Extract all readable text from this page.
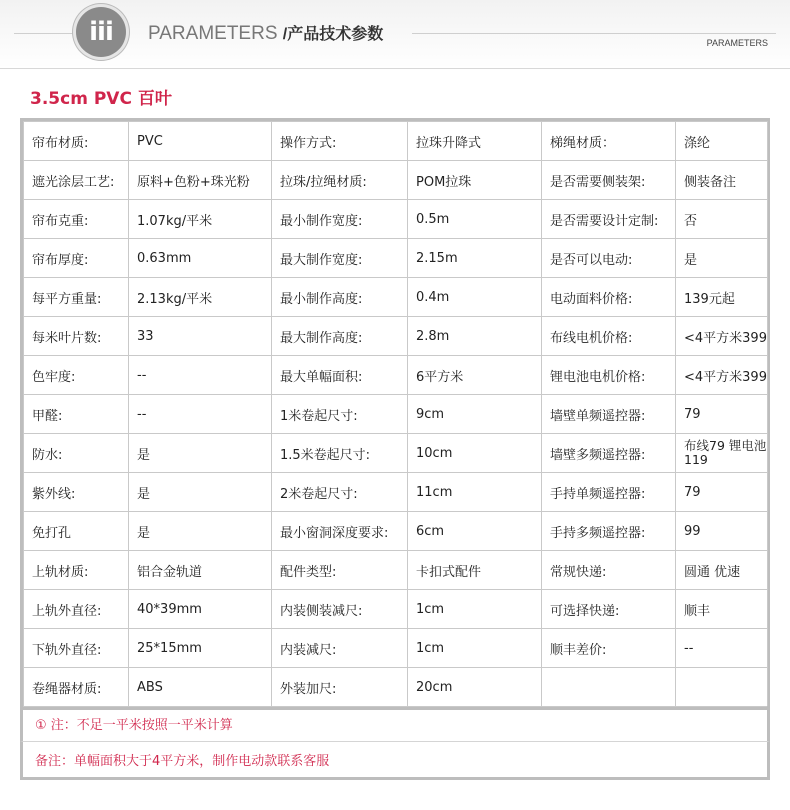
iii	PARAMETERS /产品技术参数	PARAMETERS
3.5cm PVC 百叶
帘布材质:	PVC	操作方式:	拉珠升降式	梯绳材质：	涤纶
遮光涂层工艺:	原料+色粉+珠光粉	拉珠/拉绳材质:	POM拉珠	是否需要侧装架:	侧装备注
帘布克重:	1.07kg/平米	最小制作宽度:	0.5m	是否需要设计定制:	否
帘布厚度:	0.63mm	最大制作宽度:	2.15m	是否可以电动:	是
每平方重量:	2.13kg/平米	最小制作高度:	0.4m	电动面料价格:	139元起
每米叶片数:	33	最大制作高度:	2.8m	布线电机价格:	<4平方米399
色牢度:	--	最大单幅面积:	6平方米	锂电池电机价格:	<4平方米399
甲醛:	--	1米卷起尺寸:	9cm	墙壁单频遥控器:	79
防水:	是	1.5米卷起尺寸:	10cm	墙壁多频遥控器:	布线79 锂电池119
紫外线:	是	2米卷起尺寸:	11cm	手持单频遥控器:	79
免打孔	是	最小窗洞深度要求:	6cm	手持多频遥控器:	99
上轨材质:	铝合金轨道	配件类型:	卡扣式配件	常规快递:	圆通 优速
上轨外直径:	40*39mm	内装侧装减尺:	1cm	可选择快递:	顺丰
下轨外直径:	25*15mm	内装减尺:	1cm	顺丰差价:	--
卷绳器材质:	ABS	外装加尺:	20cm		
① 注：不足一平米按照一平米计算
备注：单幅面积大于4平方米，制作电动款联系客服
